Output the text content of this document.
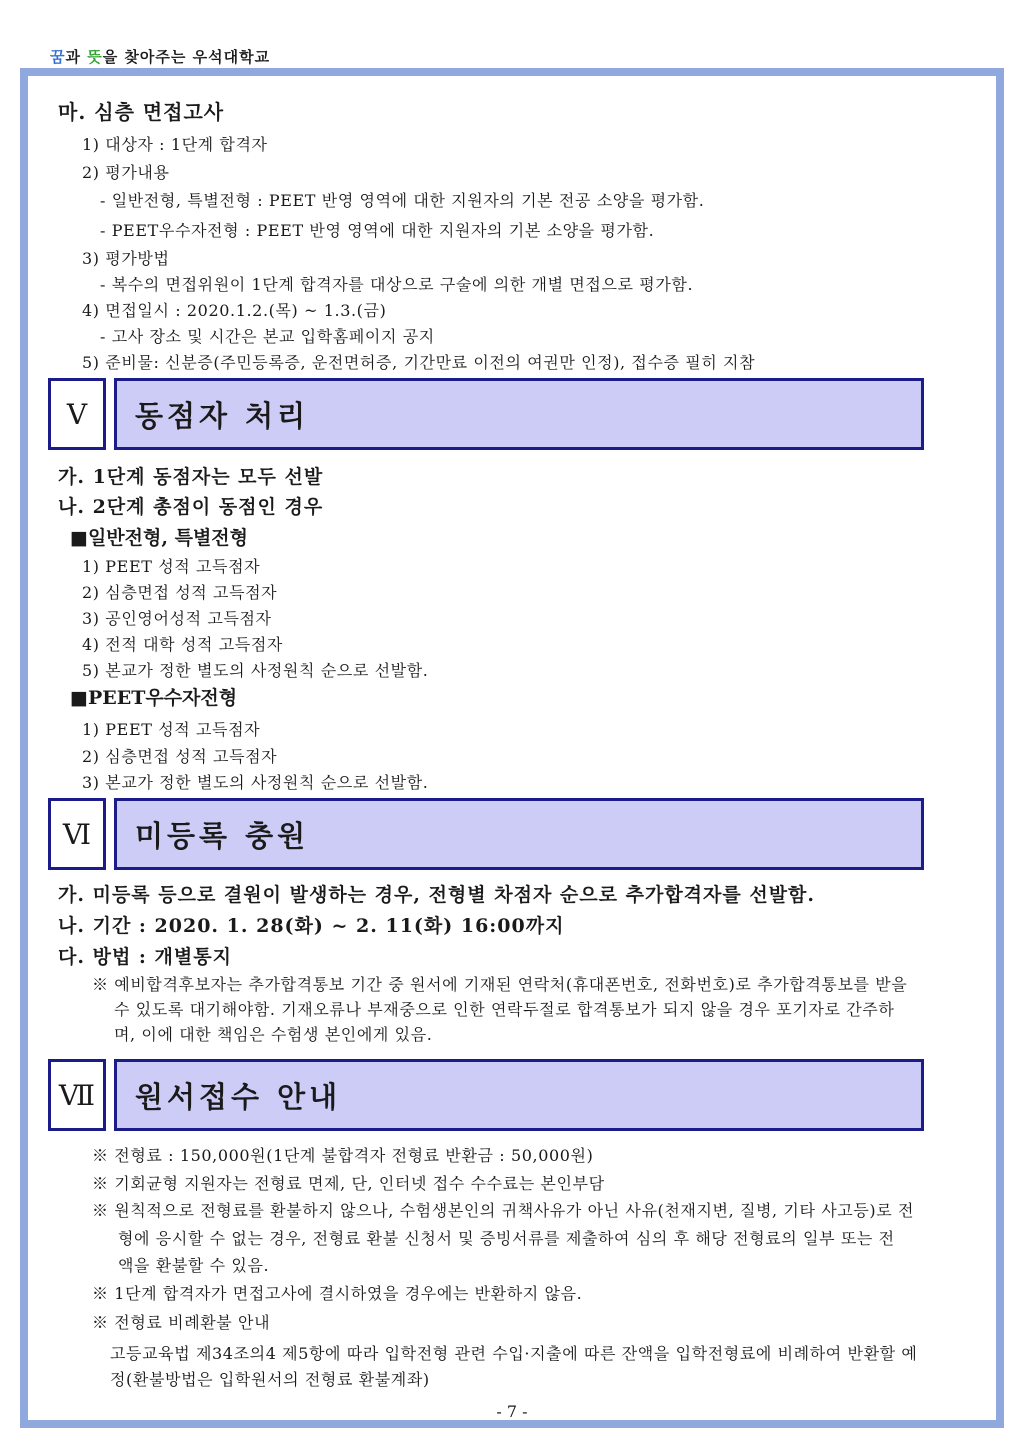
꿈과 뜻을 찾아주는 우석대학교
마. 심층 면접고사
1) 대상자 : 1단계 합격자
2) 평가내용
- 일반전형, 특별전형 : PEET 반영 영역에 대한 지원자의 기본 전공 소양을 평가함.
- PEET우수자전형 : PEET 반영 영역에 대한 지원자의 기본 소양을 평가함.
3) 평가방법
- 복수의 면접위원이 1단계 합격자를 대상으로 구술에 의한 개별 면접으로 평가함.
4) 면접일시 : 2020.1.2.(목) ~ 1.3.(금)
- 고사 장소 및 시간은 본교 입학홈페이지 공지
5) 준비물: 신분증(주민등록증, 운전면허증, 기간만료 이전의 여권만 인정), 접수증 필히 지참
Ⅴ	동점자 처리
가. 1단계 동점자는 모두 선발
나. 2단계 총점이 동점인 경우
■일반전형, 특별전형
1) PEET 성적 고득점자
2) 심층면접 성적 고득점자
3) 공인영어성적 고득점자
4) 전적 대학 성적 고득점자
5) 본교가 정한 별도의 사정원칙 순으로 선발함.
■PEET우수자전형
1) PEET 성적 고득점자
2) 심층면접 성적 고득점자
3) 본교가 정한 별도의 사정원칙 순으로 선발함.
Ⅵ	미등록 충원
가. 미등록 등으로 결원이 발생하는 경우, 전형별 차점자 순으로 추가합격자를 선발함.
나. 기간 : 2020. 1. 28(화) ~ 2. 11(화) 16:00까지
다. 방법 : 개별통지
※ 예비합격후보자는 추가합격통보 기간 중 원서에 기재된 연락처(휴대폰번호, 전화번호)로 추가합격통보를 받을
수 있도록 대기해야함. 기재오류나 부재중으로 인한 연락두절로 합격통보가 되지 않을 경우 포기자로 간주하
며, 이에 대한 책임은 수험생 본인에게 있음.
Ⅶ	원서접수 안내
※ 전형료 : 150,000원(1단계 불합격자 전형료 반환금 : 50,000원)
※ 기회균형 지원자는 전형료 면제, 단, 인터넷 접수 수수료는 본인부담
※ 원칙적으로 전형료를 환불하지 않으나, 수험생본인의 귀책사유가 아닌 사유(천재지변, 질병, 기타 사고등)로 전
형에 응시할 수 없는 경우, 전형료 환불 신청서 및 증빙서류를 제출하여 심의 후 해당 전형료의 일부 또는 전
액을 환불할 수 있음.
※ 1단계 합격자가 면접고사에 결시하였을 경우에는 반환하지 않음.
※ 전형료 비례환불 안내
고등교육법 제34조의4 제5항에 따라 입학전형 관련 수입·지출에 따른 잔액을 입학전형료에 비례하여 반환할 예
정(환불방법은 입학원서의 전형료 환불계좌)
- 7 -
